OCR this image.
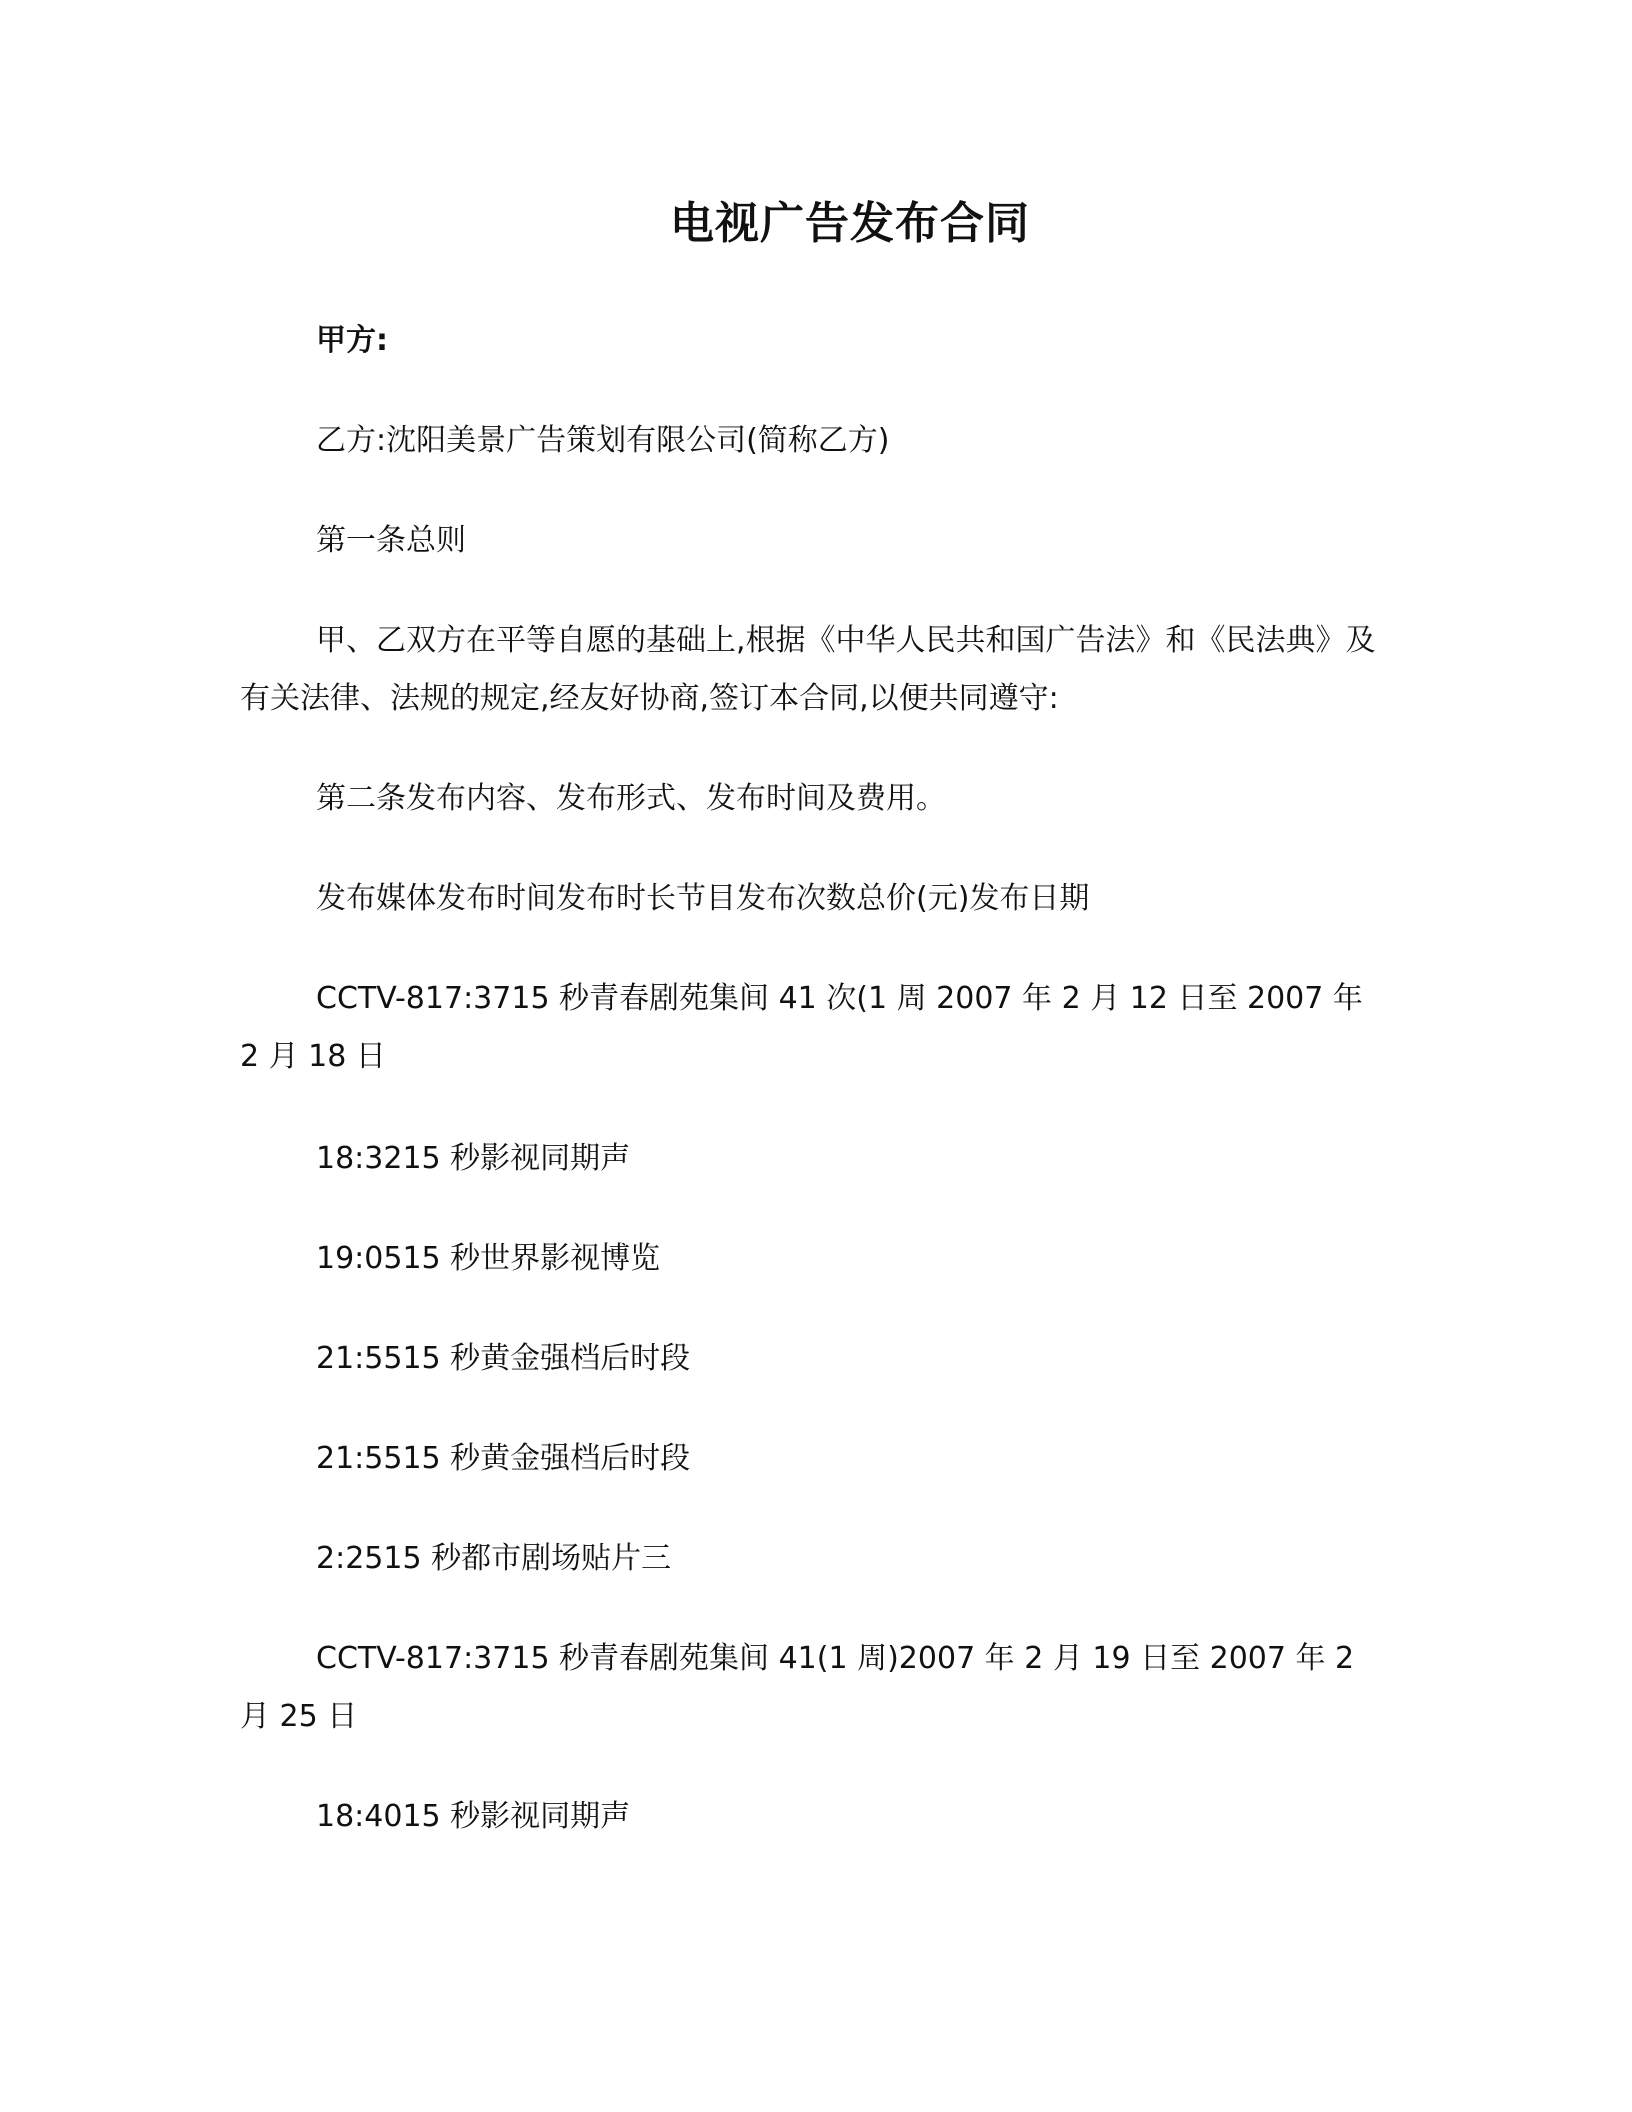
电视广告发布合同
甲方:
乙方:沈阳美景广告策划有限公司(简称乙方)
第一条总则
甲、乙双方在平等自愿的基础上,根据《中华人民共和国广告法》和《民法典》及有关法律、法规的规定,经友好协商,签订本合同,以便共同遵守:
第二条发布内容、发布形式、发布时间及费用。
发布媒体发布时间发布时长节目发布次数总价(元)发布日期
CCTV-817:3715 秒青春剧苑集间 41 次(1 周 2007 年 2 月 12 日至 2007 年 2 月 18 日
18:3215 秒影视同期声
19:0515 秒世界影视博览
21:5515 秒黄金强档后时段
21:5515 秒黄金强档后时段
2:2515 秒都市剧场贴片三
CCTV-817:3715 秒青春剧苑集间 41(1 周)2007 年 2 月 19 日至 2007 年 2 月 25 日
18:4015 秒影视同期声
